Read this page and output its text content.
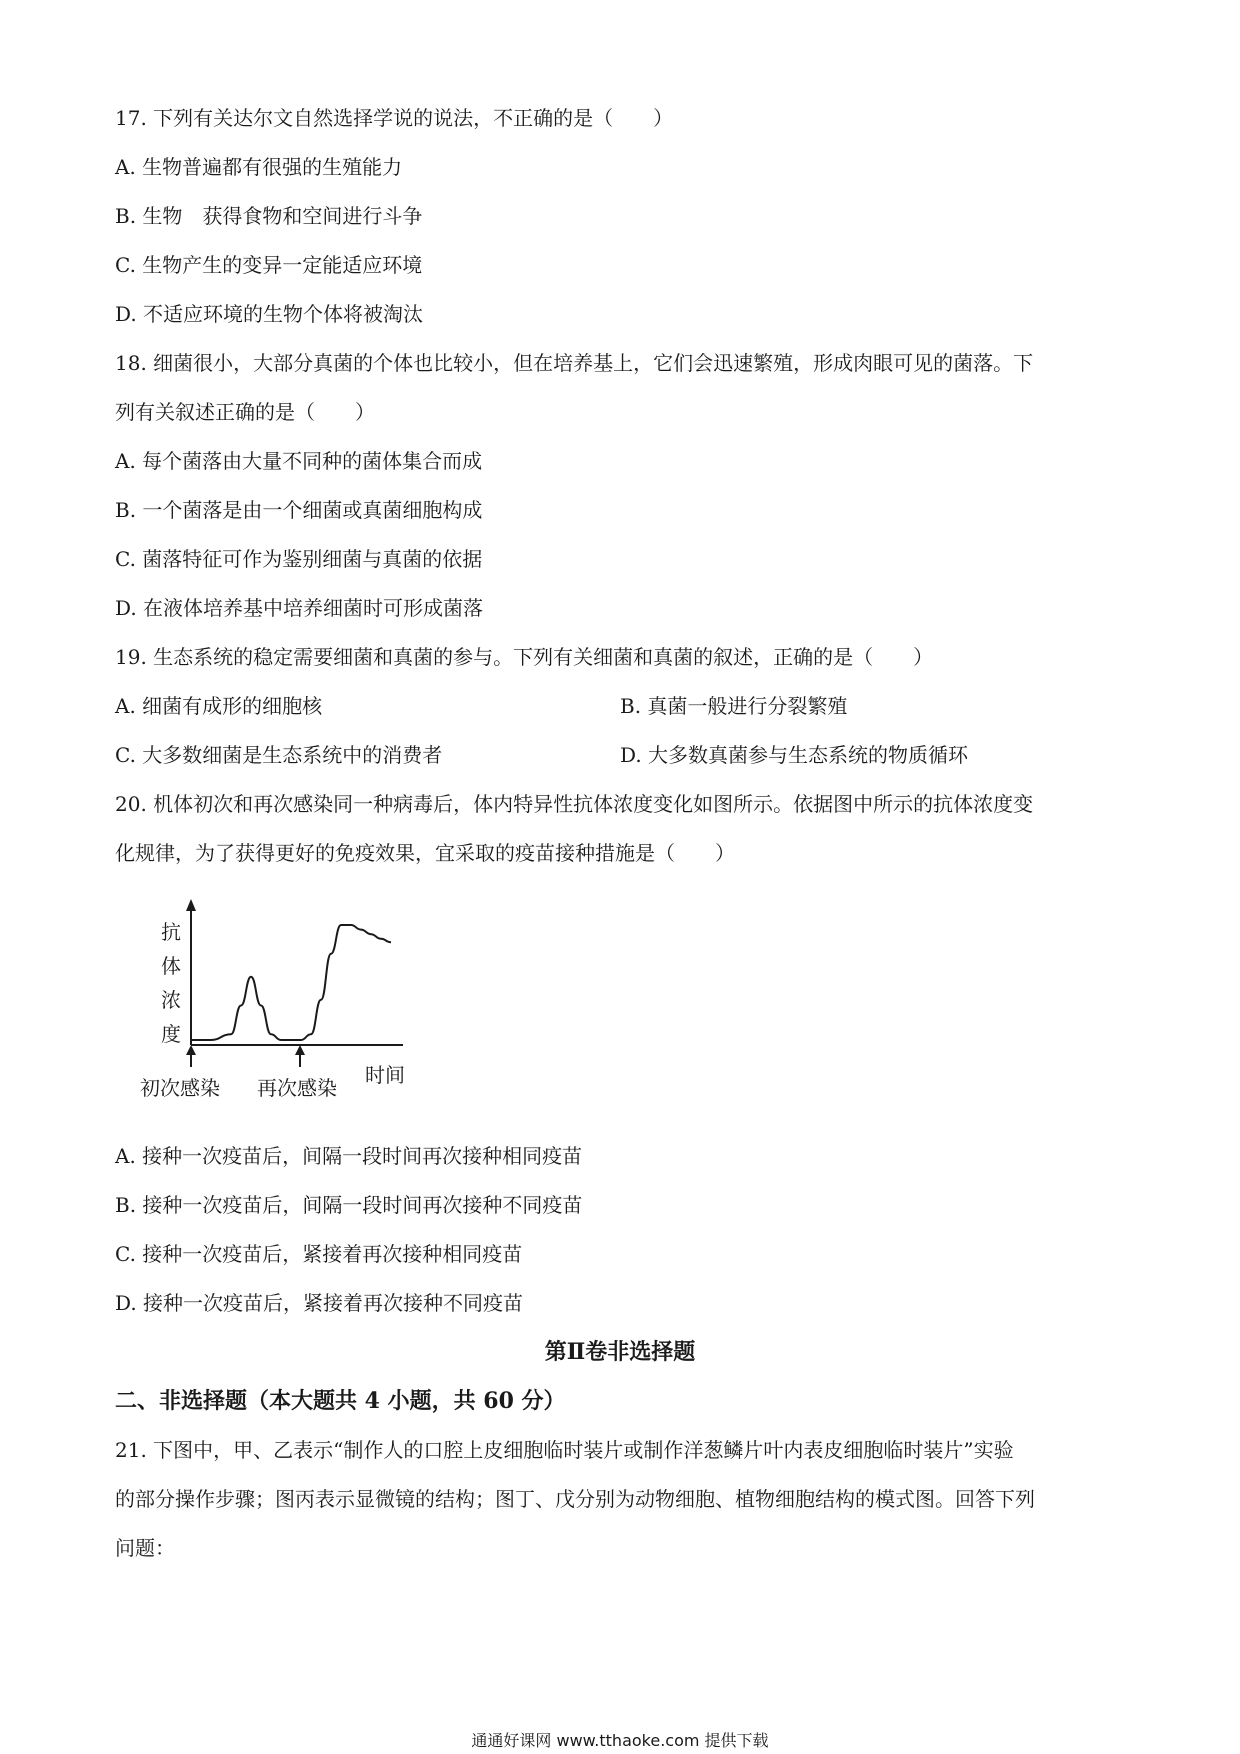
17. 下列有关达尔文自然选择学说的说法，不正确的是（　　）
A. 生物普遍都有很强的生殖能力
B. 生物　获得食物和空间进行斗争
C. 生物产生的变异一定能适应环境
D. 不适应环境的生物个体将被淘汰
18. 细菌很小，大部分真菌的个体也比较小，但在培养基上，它们会迅速繁殖，形成肉眼可见的菌落。下
列有关叙述正确的是（　　）
A. 每个菌落由大量不同种的菌体集合而成
B. 一个菌落是由一个细菌或真菌细胞构成
C. 菌落特征可作为鉴别细菌与真菌的依据
D. 在液体培养基中培养细菌时可形成菌落
19. 生态系统的稳定需要细菌和真菌的参与。下列有关细菌和真菌的叙述，正确的是（　　）
A. 细菌有成形的细胞核	B. 真菌一般进行分裂繁殖
C. 大多数细菌是生态系统中的消费者	D. 大多数真菌参与生态系统的物质循环
20. 机体初次和再次感染同一种病毒后，体内特异性抗体浓度变化如图所示。依据图中所示的抗体浓度变
化规律，为了获得更好的免疫效果，宜采取的疫苗接种措施是（　　）
抗
体
浓
度
时间
初次感染 再次感染
A. 接种一次疫苗后，间隔一段时间再次接种相同疫苗
B. 接种一次疫苗后，间隔一段时间再次接种不同疫苗
C. 接种一次疫苗后，紧接着再次接种相同疫苗
D. 接种一次疫苗后，紧接着再次接种不同疫苗
第Ⅱ卷非选择题
二、非选择题（本大题共 4 小题，共 60 分）
21. 下图中，甲、乙表示“制作人的口腔上皮细胞临时装片或制作洋葱鳞片叶内表皮细胞临时装片”实验
的部分操作步骤；图丙表示显微镜的结构；图丁、戊分别为动物细胞、植物细胞结构的模式图。回答下列
问题：
通通好课网 www.tthaoke.com 提供下载
